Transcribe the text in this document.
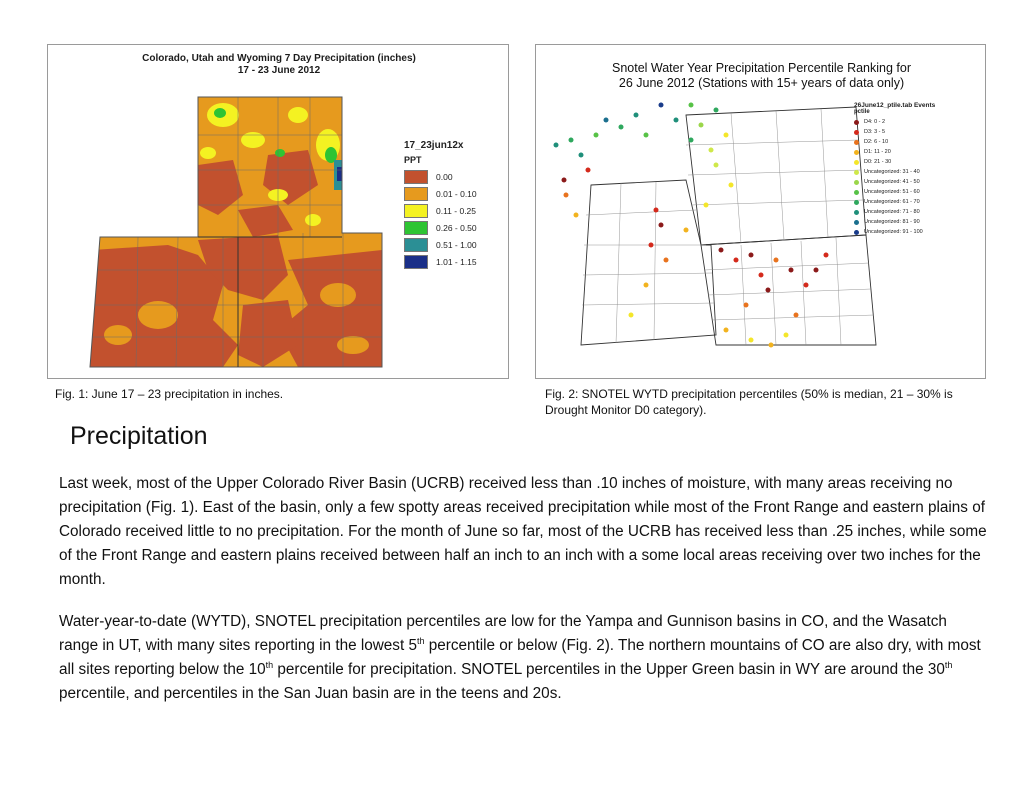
Colorado, Utah and Wyoming 7 Day Precipitation (inches)
17 - 23 June 2012
17_23jun12x
PPT
0.00
0.01 - 0.10
0.11 - 0.25
0.26 - 0.50
0.51 - 1.00
1.01 - 1.15
Snotel Water Year Precipitation Percentile Ranking for
26 June 2012 (Stations with 15+ years of data only)
26June12_ptile.tab Events
pctile
D4: 0 - 2
D3: 3 - 5
D2: 6 - 10
D1: 11 - 20
D0: 21 - 30
Uncategorized: 31 - 40
Uncategorized: 41 - 50
Uncategorized: 51 - 60
Uncategorized: 61 - 70
Uncategorized: 71 - 80
Uncategorized: 81 - 90
Uncategorized: 91 - 100
Fig. 1: June 17 – 23 precipitation in inches.	Fig. 2: SNOTEL WYTD precipitation percentiles (50% is median, 21 – 30% is Drought Monitor D0 category).
Precipitation

Last week, most of the Upper Colorado River Basin (UCRB) received less than .10 inches of moisture, with many areas receiving no precipitation (Fig. 1). East of the basin, only a few spotty areas received precipitation while most of the Front Range and eastern plains of Colorado received little to no precipitation. For the month of June so far, most of the UCRB has received less than .25 inches, while some of the Front Range and eastern plains received between half an inch to an inch with a some local areas receiving over two inches for the month.

Water-year-to-date (WYTD), SNOTEL precipitation percentiles are low for the Yampa and Gunnison basins in CO, and the Wasatch range in UT, with many sites reporting in the lowest 5th percentile or below (Fig. 2). The northern mountains of CO are also dry, with most all sites reporting below the 10th percentile for precipitation. SNOTEL percentiles in the Upper Green basin in WY are around the 30th percentile, and percentiles in the San Juan basin are in the teens and 20s.
